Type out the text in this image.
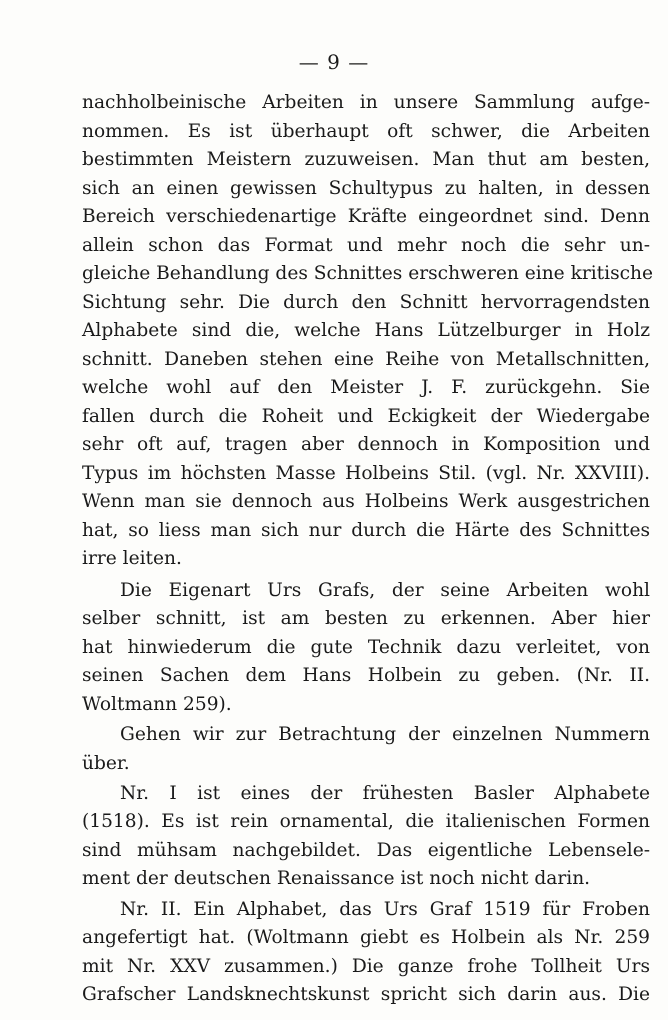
— 9 —
nachholbeinische Arbeiten in unsere Sammlung aufge-
nommen. Es ist überhaupt oft schwer, die Arbeiten
bestimmten Meistern zuzuweisen. Man thut am besten,
sich an einen gewissen Schultypus zu halten, in dessen
Bereich verschiedenartige Kräfte eingeordnet sind. Denn
allein schon das Format und mehr noch die sehr un-
gleiche Behandlung des Schnittes erschweren eine kritische
Sichtung sehr. Die durch den Schnitt hervorragendsten
Alphabete sind die, welche Hans Lützelburger in Holz
schnitt. Daneben stehen eine Reihe von Metallschnitten,
welche wohl auf den Meister J. F. zurückgehn. Sie
fallen durch die Roheit und Eckigkeit der Wiedergabe
sehr oft auf, tragen aber dennoch in Komposition und
Typus im höchsten Masse Holbeins Stil. (vgl. Nr. XXVIII).
Wenn man sie dennoch aus Holbeins Werk ausgestrichen
hat, so liess man sich nur durch die Härte des Schnittes
irre leiten.
Die Eigenart Urs Grafs, der seine Arbeiten wohl
selber schnitt, ist am besten zu erkennen. Aber hier
hat hinwiederum die gute Technik dazu verleitet, von
seinen Sachen dem Hans Holbein zu geben. (Nr. II.
Woltmann 259).
Gehen wir zur Betrachtung der einzelnen Nummern
über.
Nr. I ist eines der frühesten Basler Alphabete
(1518). Es ist rein ornamental, die italienischen Formen
sind mühsam nachgebildet. Das eigentliche Lebensele-
ment der deutschen Renaissance ist noch nicht darin.
Nr. II. Ein Alphabet, das Urs Graf 1519 für Froben
angefertigt hat. (Woltmann giebt es Holbein als Nr. 259
mit Nr. XXV zusammen.) Die ganze frohe Tollheit Urs
Grafscher Landsknechtskunst spricht sich darin aus. Die
